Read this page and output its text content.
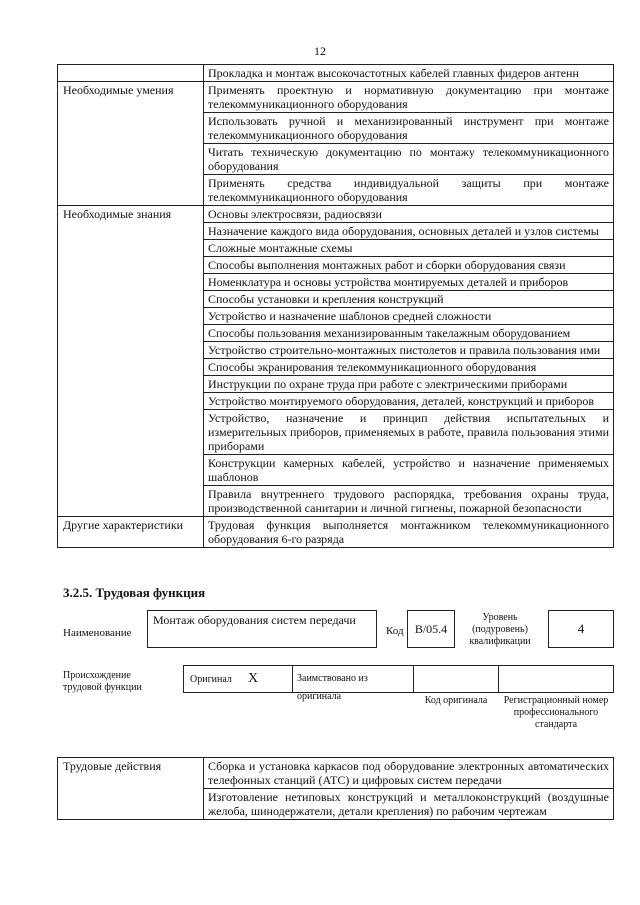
12
	Прокладка и монтаж высокочастотных кабелей главных фидеров антенн
Необходимые умения	Применять проектную и нормативную документацию при монтаже телекоммуникационного оборудования
	Использовать ручной и механизированный инструмент при монтаже телекоммуникационного оборудования
	Читать техническую документацию по монтажу телекоммуникационного оборудования
	Применять средства индивидуальной защиты при монтаже телекоммуникационного оборудования
Необходимые знания	Основы электросвязи, радиосвязи
	Назначение каждого вида оборудования, основных деталей и узлов системы
	Сложные монтажные схемы
	Способы выполнения монтажных работ и сборки оборудования связи
	Номенклатура и основы устройства монтируемых деталей и приборов
	Способы установки и крепления конструкций
	Устройство и назначение шаблонов средней сложности
	Способы пользования механизированным такелажным оборудованием
	Устройство строительно-монтажных пистолетов и правила пользования ими
	Способы экранирования телекоммуникационного оборудования
	Инструкции по охране труда при работе с электрическими приборами
	Устройство монтируемого оборудования, деталей, конструкций и приборов
	Устройство, назначение и принцип действия испытательных и измерительных приборов, применяемых в работе, правила пользования этими приборами
	Конструкции камерных кабелей, устройство и назначение применяемых шаблонов
	Правила внутреннего трудового распорядка, требования охраны труда, производственной санитарии и личной гигиены, пожарной безопасности
Другие характеристики	Трудовая функция выполняется монтажником телекоммуникационного оборудования 6-го разряда
3.2.5. Трудовая функция
Наименование
Монтаж оборудования систем передачи
Код B/05.4
Уровень (подуровень) квалификации
4
Происхождение трудовой функции
Оригинал X	Заимствовано из оригинала	Код оригинала	Регистрационный номер профессионального стандарта
Трудовые действия	Сборка и установка каркасов под оборудование электронных автоматических телефонных станций (АТС) и цифровых систем передачи
Изготовление нетиповых конструкций и металлоконструкций (воздушные желоба, шинодержатели, детали крепления) по рабочим чертежам
